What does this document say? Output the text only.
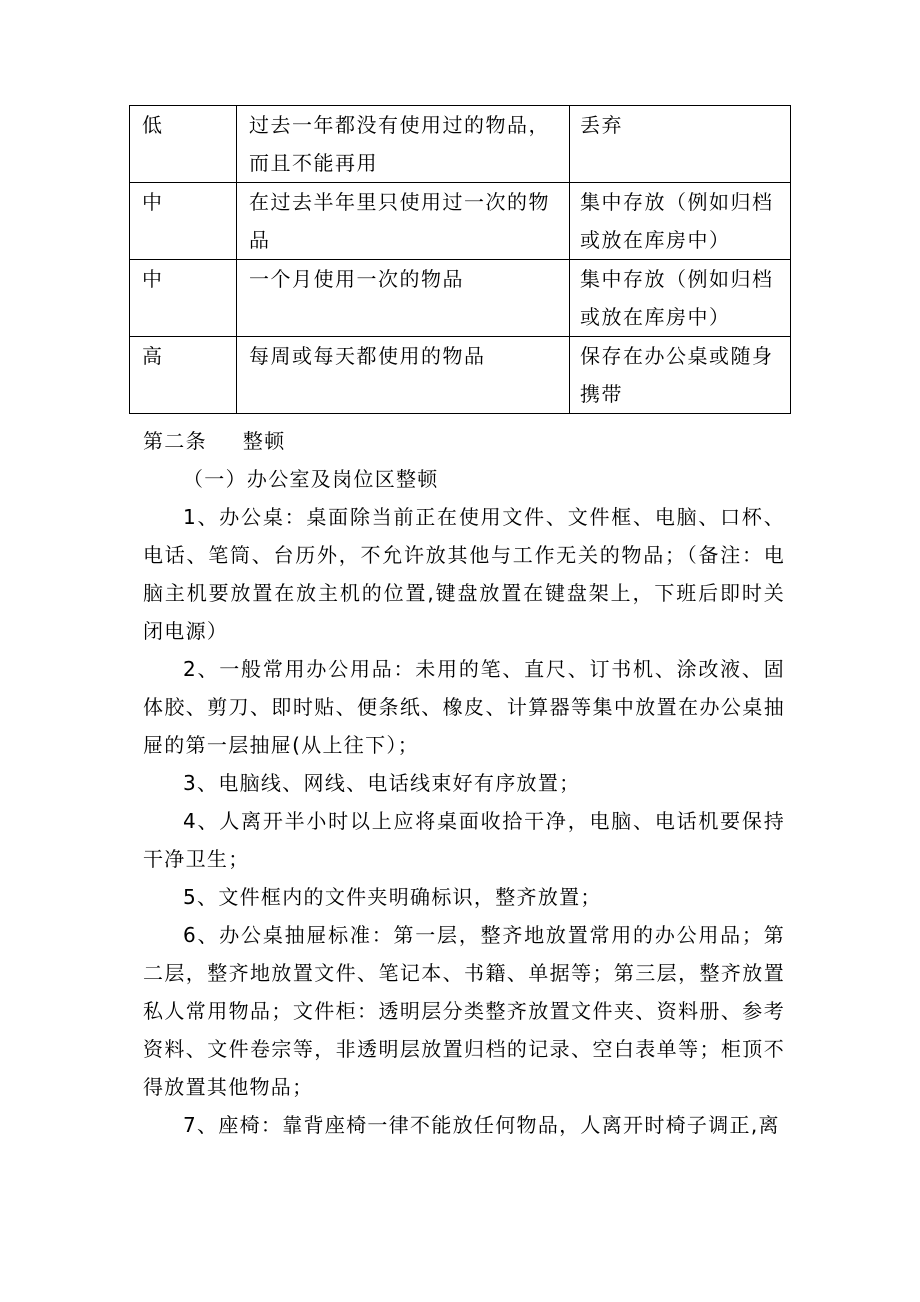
低	过去一年都没有使用过的物品，而且不能再用	丢弃
中	在过去半年里只使用过一次的物品	集中存放（例如归档或放在库房中）
中	一个月使用一次的物品	集中存放（例如归档或放在库房中）
高	每周或每天都使用的物品	保存在办公桌或随身携带

第二条 整顿

（一）办公室及岗位区整顿

1、办公桌：桌面除当前正在使用文件、文件框、电脑、口杯、电话、笔筒、台历外，不允许放其他与工作无关的物品；（备注：电脑主机要放置在放主机的位置,键盘放置在键盘架上，下班后即时关闭电源）

2、一般常用办公用品：未用的笔、直尺、订书机、涂改液、固体胶、剪刀、即时贴、便条纸、橡皮、计算器等集中放置在办公桌抽屉的第一层抽屉(从上往下）；

3、电脑线、网线、电话线束好有序放置；

4、人离开半小时以上应将桌面收拾干净，电脑、电话机要保持干净卫生；

5、文件框内的文件夹明确标识，整齐放置；

6、办公桌抽屉标准：第一层，整齐地放置常用的办公用品；第二层，整齐地放置文件、笔记本、书籍、单据等；第三层，整齐放置私人常用物品；文件柜：透明层分类整齐放置文件夹、资料册、参考资料、文件卷宗等，非透明层放置归档的记录、空白表单等；柜顶不得放置其他物品；

7、座椅：靠背座椅一律不能放任何物品，人离开时椅子调正,离
